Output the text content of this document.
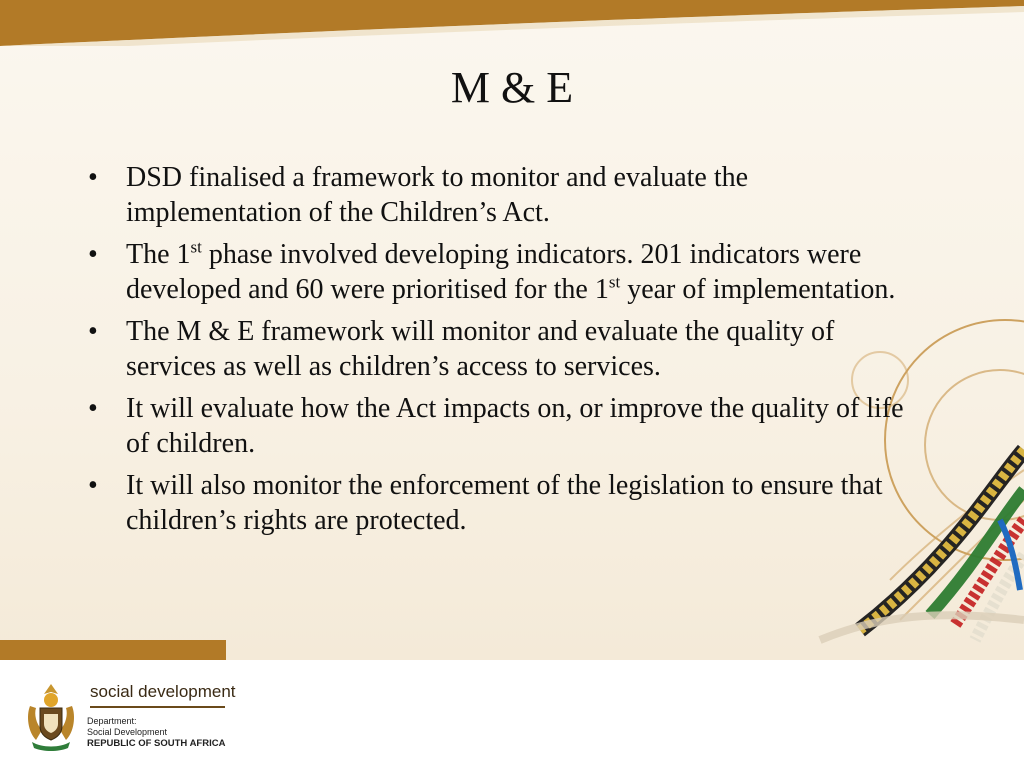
M & E
• DSD finalised a framework to monitor and evaluate the implementation of the Children’s Act.
• The 1st phase involved developing indicators. 201 indicators were developed and 60 were prioritised for the 1st year of implementation.
• The M & E framework will monitor and evaluate the quality of services as well as children’s access to services.
• It will evaluate how the Act impacts on, or improve the quality of life of children.
• It will also monitor the enforcement of the legislation to ensure that children’s rights are protected.
social development
Department:
Social Development
REPUBLIC OF SOUTH AFRICA
